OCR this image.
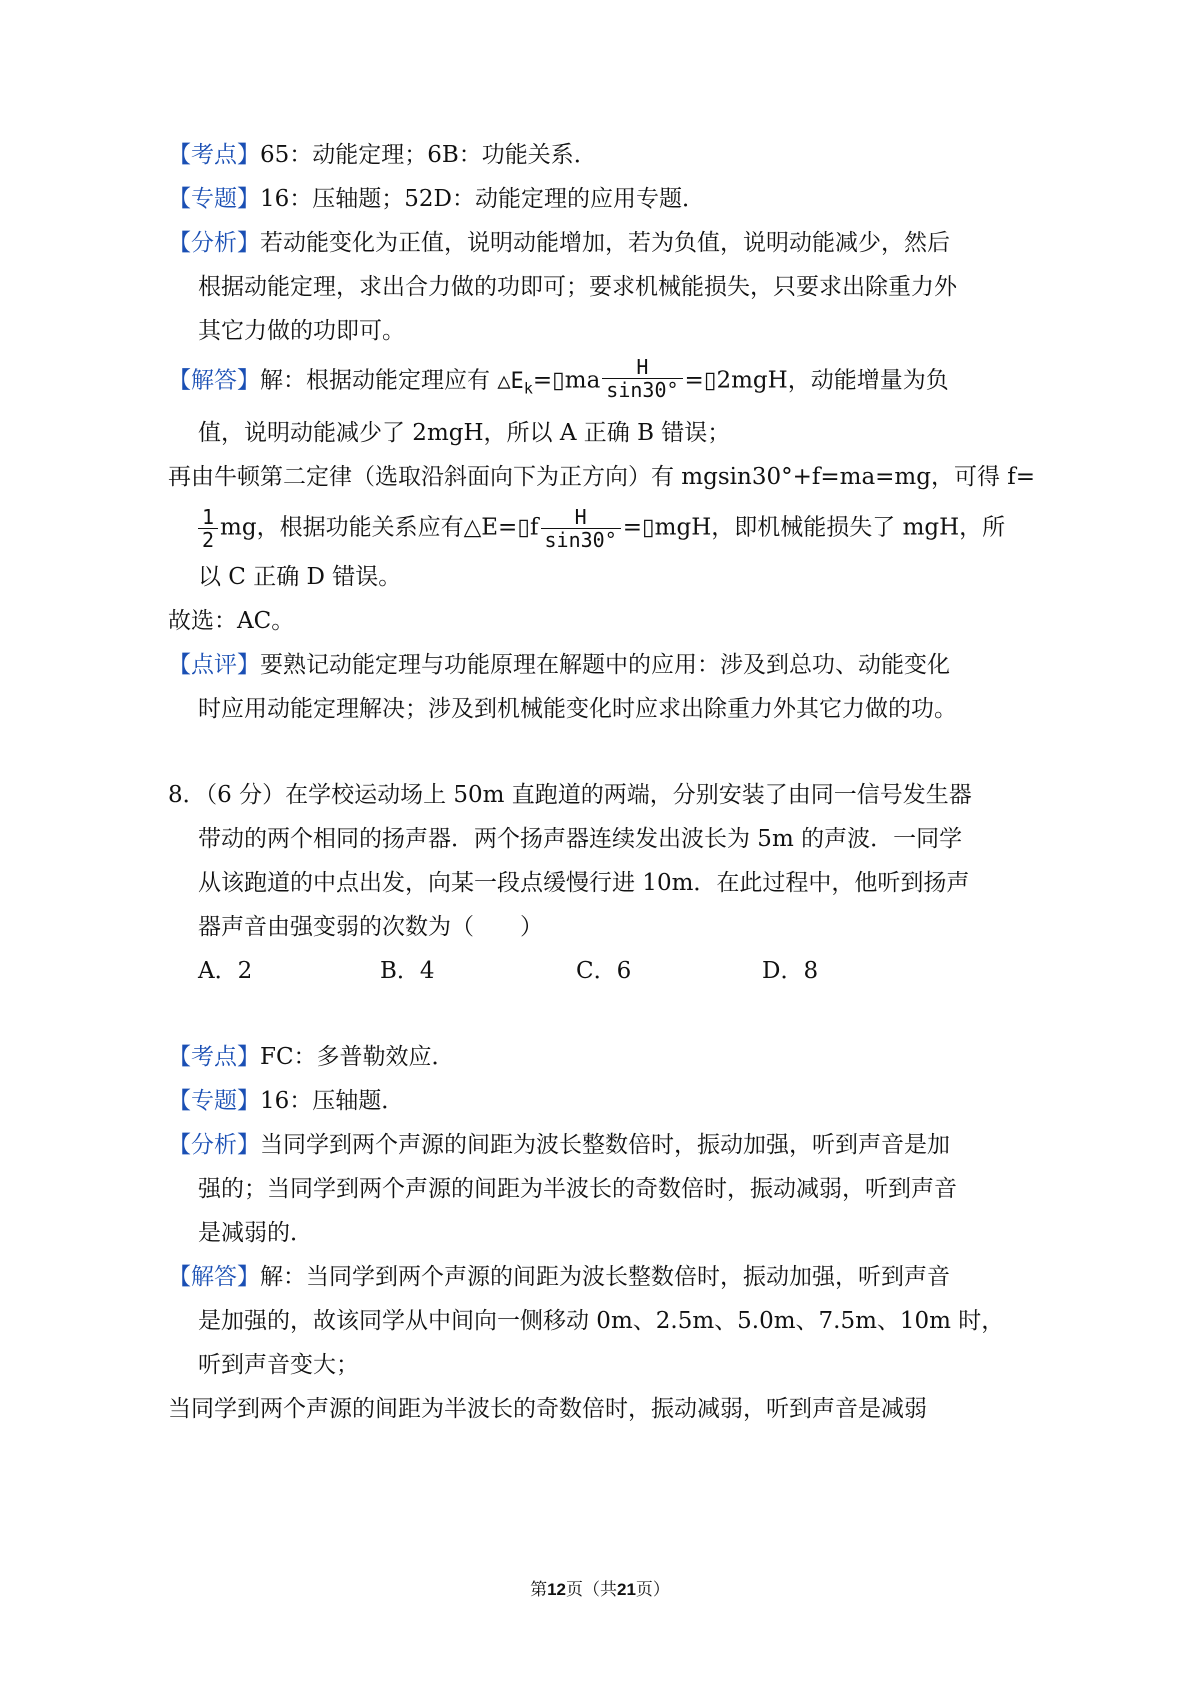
【考点】65：动能定理；6B：功能关系．
【专题】16：压轴题；52D：动能定理的应用专题．
【分析】若动能变化为正值，说明动能增加，若为负值，说明动能减少，然后
根据动能定理，求出合力做的功即可；要求机械能损失，只要求出除重力外
其它力做的功即可。
【解答】解：根据动能定理应有 $\triangle E_k=▯ma \frac{H}{\sin 30^\circ}$ =▯2mgH，动能增量为负
值，说明动能减少了 2mgH，所以 A 正确 B 错误；
再由牛顿第二定律（选取沿斜面向下为正方向）有 mgsin30°+f=ma=mg，可得 f=
$\frac{1}{2}$ mg，根据功能关系应有△E=▯f $\frac{H}{\sin 30^\circ}$ =▯mgH，即机械能损失了 mgH，所
以 C 正确 D 错误。
故选：AC。
【点评】要熟记动能定理与功能原理在解题中的应用：涉及到总功、动能变化
时应用动能定理解决；涉及到机械能变化时应求出除重力外其它力做的功。
8．（6 分）在学校运动场上 50m 直跑道的两端，分别安装了由同一信号发生器
带动的两个相同的扬声器．两个扬声器连续发出波长为 5m 的声波．一同学
从该跑道的中点出发，向某一段点缓慢行进 10m．在此过程中，他听到扬声
器声音由强变弱的次数为（　　）
A．2	B．4	C．6	D．8
【考点】FC：多普勒效应．
【专题】16：压轴题．
【分析】当同学到两个声源的间距为波长整数倍时，振动加强，听到声音是加
强的；当同学到两个声源的间距为半波长的奇数倍时，振动减弱，听到声音
是减弱的．
【解答】解：当同学到两个声源的间距为波长整数倍时，振动加强，听到声音
是加强的，故该同学从中间向一侧移动 0m、2.5m、5.0m、7.5m、10m 时，
听到声音变大；
当同学到两个声源的间距为半波长的奇数倍时，振动减弱，听到声音是减弱
第12页（共21页）
